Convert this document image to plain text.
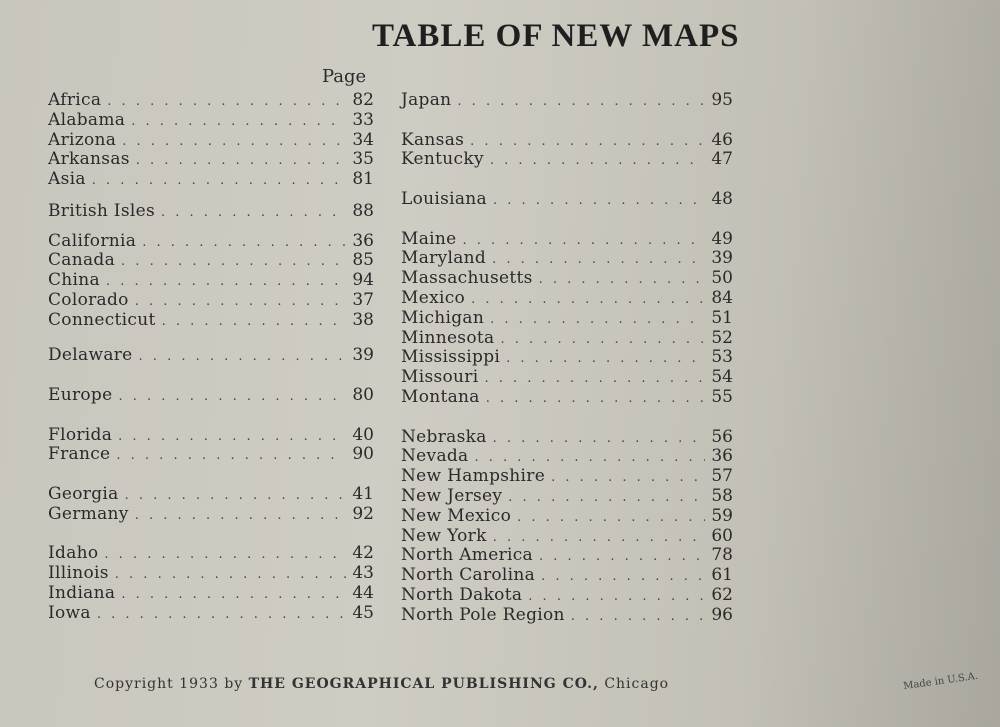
TABLE OF NEW MAPS
Page
Africa . . .	82
Alabama . . .	33
Arizona . . .	34
Arkansas . . .	35
Asia . . .	81
British Isles . . .	88
California . . .	36
Canada . . .	85
China . . .	94
Colorado . . .	37
Connecticut . . .	38
Delaware . . .	39
Europe . . .	80
Florida . . .	40
France . . .	90
Georgia . . .	41
Germany . . .	92
Idaho . . .	42
Illinois . . .	43
Indiana . . .	44
Iowa . . .	45
Japan . . .	95
Kansas . . .	46
Kentucky . . .	47
Louisiana . . .	48
Maine . . .	49
Maryland . . .	39
Massachusetts . . .	50
Mexico . . .	84
Michigan . . .	51
Minnesota . . .	52
Mississippi . . .	53
Missouri . . .	54
Montana . . .	55
Nebraska . . .	56
Nevada . . .	36
New Hampshire . . .	57
New Jersey . . .	58
New Mexico . . .	59
New York . . .	60
North America . . .	78
North Carolina . . .	61
North Dakota . . .	62
North Pole Region . . .	96
Copyright 1933 by THE GEOGRAPHICAL PUBLISHING CO., Chicago	Made in U.S.A.
